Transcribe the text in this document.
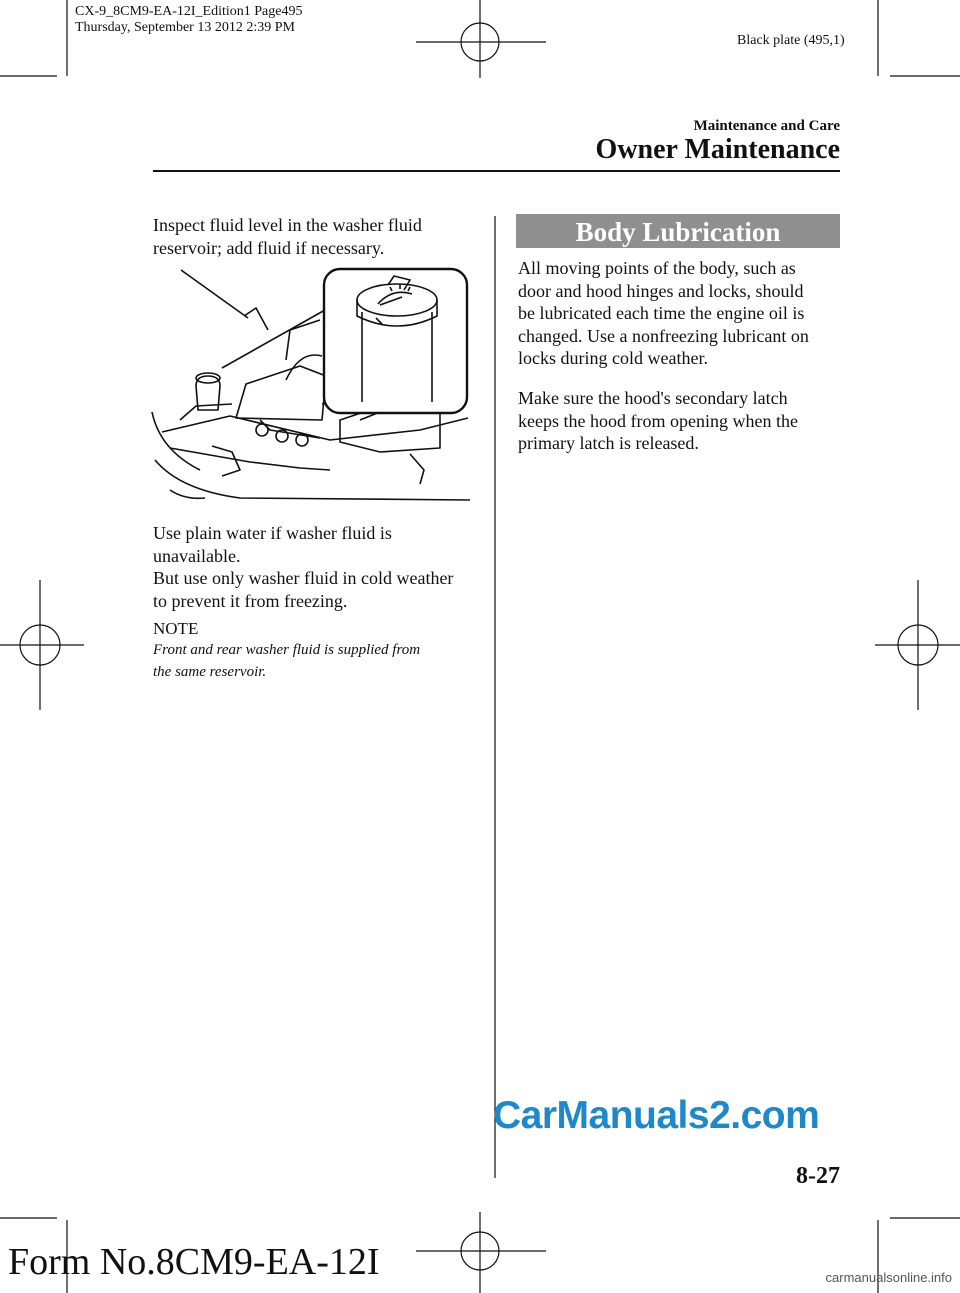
CX-9_8CM9-EA-12I_Edition1 Page495
Thursday, September 13 2012 2:39 PM
Black plate (495,1)
Maintenance and Care
Owner Maintenance
Inspect fluid level in the washer fluid
reservoir; add fluid if necessary.
Use plain water if washer fluid is
unavailable.
But use only washer fluid in cold weather
to prevent it from freezing.
NOTE
Front and rear washer fluid is supplied from
the same reservoir.
Body Lubrication
All moving points of the body, such as
door and hood hinges and locks, should
be lubricated each time the engine oil is
changed. Use a nonfreezing lubricant on
locks during cold weather.
Make sure the hood's secondary latch
keeps the hood from opening when the
primary latch is released.
CarManuals2.com
8-27
Form No.8CM9-EA-12I	carmanualsonline.info
